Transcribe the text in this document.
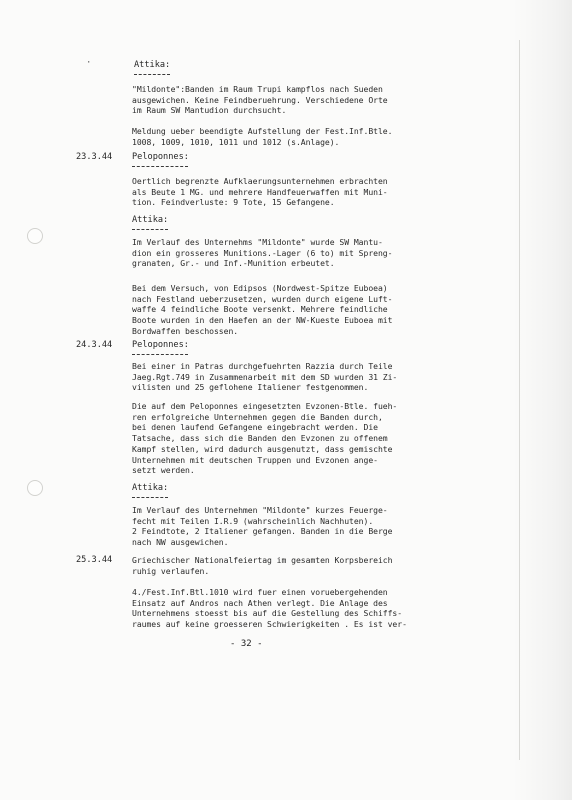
·	Attika:
"Mildonte":Banden im Raum Trupi kampflos nach Sueden
ausgewichen. Keine Feindberuehrung. Verschiedene Orte
im Raum SW Mantudion durchsucht.
Meldung ueber beendigte Aufstellung der Fest.Inf.Btle.
1008, 1009, 1010, 1011 und 1012 (s.Anlage).
23.3.44 Peloponnes:
Oertlich begrenzte Aufklaerungsunternehmen erbrachten
als Beute 1 MG. und mehrere Handfeuerwaffen mit Muni-
tion. Feindverluste: 9 Tote, 15 Gefangene.
Attika:
Im Verlauf des Unternehms "Mildonte" wurde SW Mantu-
dion ein grosseres Munitions.-Lager (6 to) mit Spreng-
granaten, Gr.- und Inf.-Munition erbeutet.
Bei dem Versuch, von Edipsos (Nordwest-Spitze Euboea)
nach Festland ueberzusetzen, wurden durch eigene Luft-
waffe 4 feindliche Boote versenkt. Mehrere feindliche
Boote wurden in den Haefen an der NW-Kueste Euboea mit
Bordwaffen beschossen.
24.3.44 Peloponnes:
Bei einer in Patras durchgefuehrten Razzia durch Teile
Jaeg.Rgt.749 in Zusammenarbeit mit dem SD wurden 31 Zi-
vilisten und 25 geflohene Italiener festgenommen.
Die auf dem Peloponnes eingesetzten Evzonen-Btle. fueh-
ren erfolgreiche Unternehmen gegen die Banden durch,
bei denen laufend Gefangene eingebracht werden. Die
Tatsache, dass sich die Banden den Evzonen zu offenem
Kampf stellen, wird dadurch ausgenutzt, dass gemischte
Unternehmen mit deutschen Truppen und Evzonen ange-
setzt werden.
Attika:
Im Verlauf des Unternehmen "Mildonte" kurzes Feuerge-
fecht mit Teilen I.R.9 (wahrscheinlich Nachhuten).
2 Feindtote, 2 Italiener gefangen. Banden in die Berge
nach NW ausgewichen.
25.3.44 Griechischer Nationalfeiertag im gesamten Korpsbereich
ruhig verlaufen.
4./Fest.Inf.Btl.1010 wird fuer einen voruebergehenden
Einsatz auf Andros nach Athen verlegt. Die Anlage des
Unternehmens stoesst bis auf die Gestellung des Schiffs-
raumes auf keine groesseren Schwierigkeiten . Es ist ver-
- 32 -
